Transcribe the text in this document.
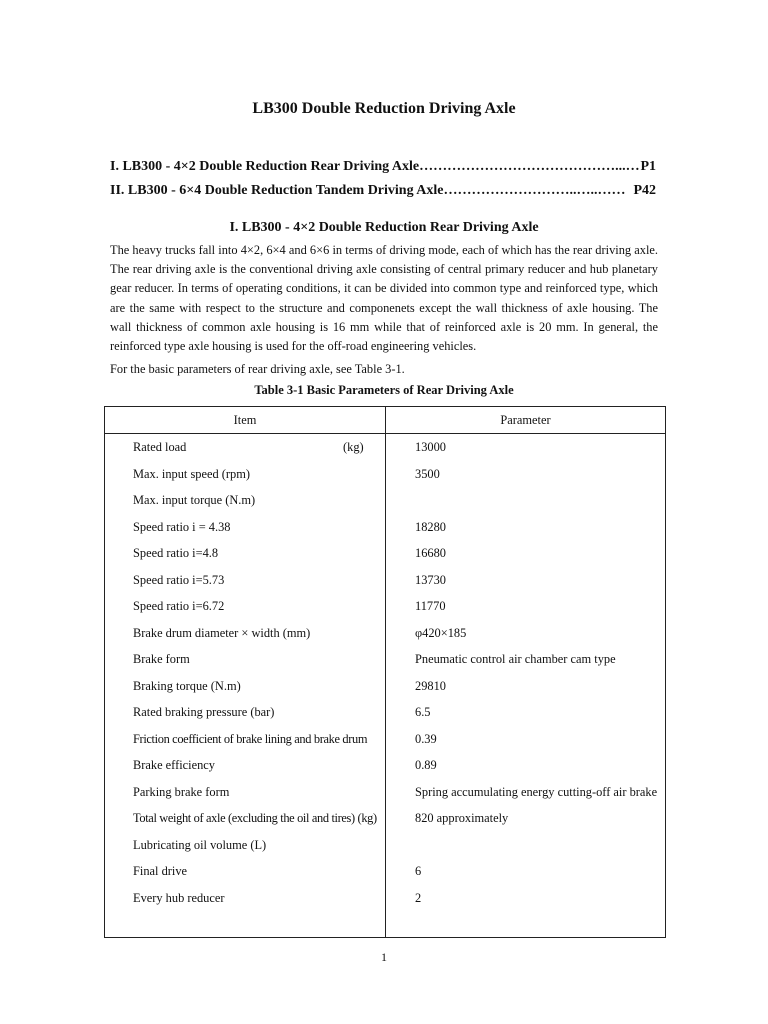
LB300 Double Reduction Driving Axle
I. LB300 - 4×2 Double Reduction Rear Driving Axle ……………………………………...… P1
II. LB300 - 6×4 Double Reduction Tandem Driving Axle ………………………..…..…… P42
I. LB300 - 4×2 Double Reduction Rear Driving Axle

The heavy trucks fall into 4×2, 6×4 and 6×6 in terms of driving mode, each of which has the rear driving axle. The rear driving axle is the conventional driving axle consisting of central primary reducer and hub planetary gear reducer. In terms of operating conditions, it can be divided into common type and reinforced type, which are the same with respect to the structure and componenets except the wall thickness of axle housing. The wall thickness of common axle housing is 16 mm while that of reinforced axle is 20 mm. In general, the reinforced type axle housing is used for the off-road engineering vehicles.

For the basic parameters of rear driving axle, see Table 3-1.

Table 3-1 Basic Parameters of Rear Driving Axle

Item	Parameter
Rated load	(kg)	13000
Max. input speed (rpm)	3500
Max. input torque (N.m)
Speed ratio i = 4.38	18280
Speed ratio i=4.8	16680
Speed ratio i=5.73	13730
Speed ratio i=6.72	11770
Brake drum diameter × width (mm)	φ420×185
Brake form	Pneumatic control air chamber cam type
Braking torque (N.m)	29810
Rated braking pressure (bar)	6.5
Friction coefficient of brake lining and brake drum	0.39
Brake efficiency	0.89
Parking brake form	Spring accumulating energy cutting-off air brake
Total weight of axle (excluding the oil and tires) (kg)	820 approximately
Lubricating oil volume (L)
Final drive	6
Every hub reducer	2

1
